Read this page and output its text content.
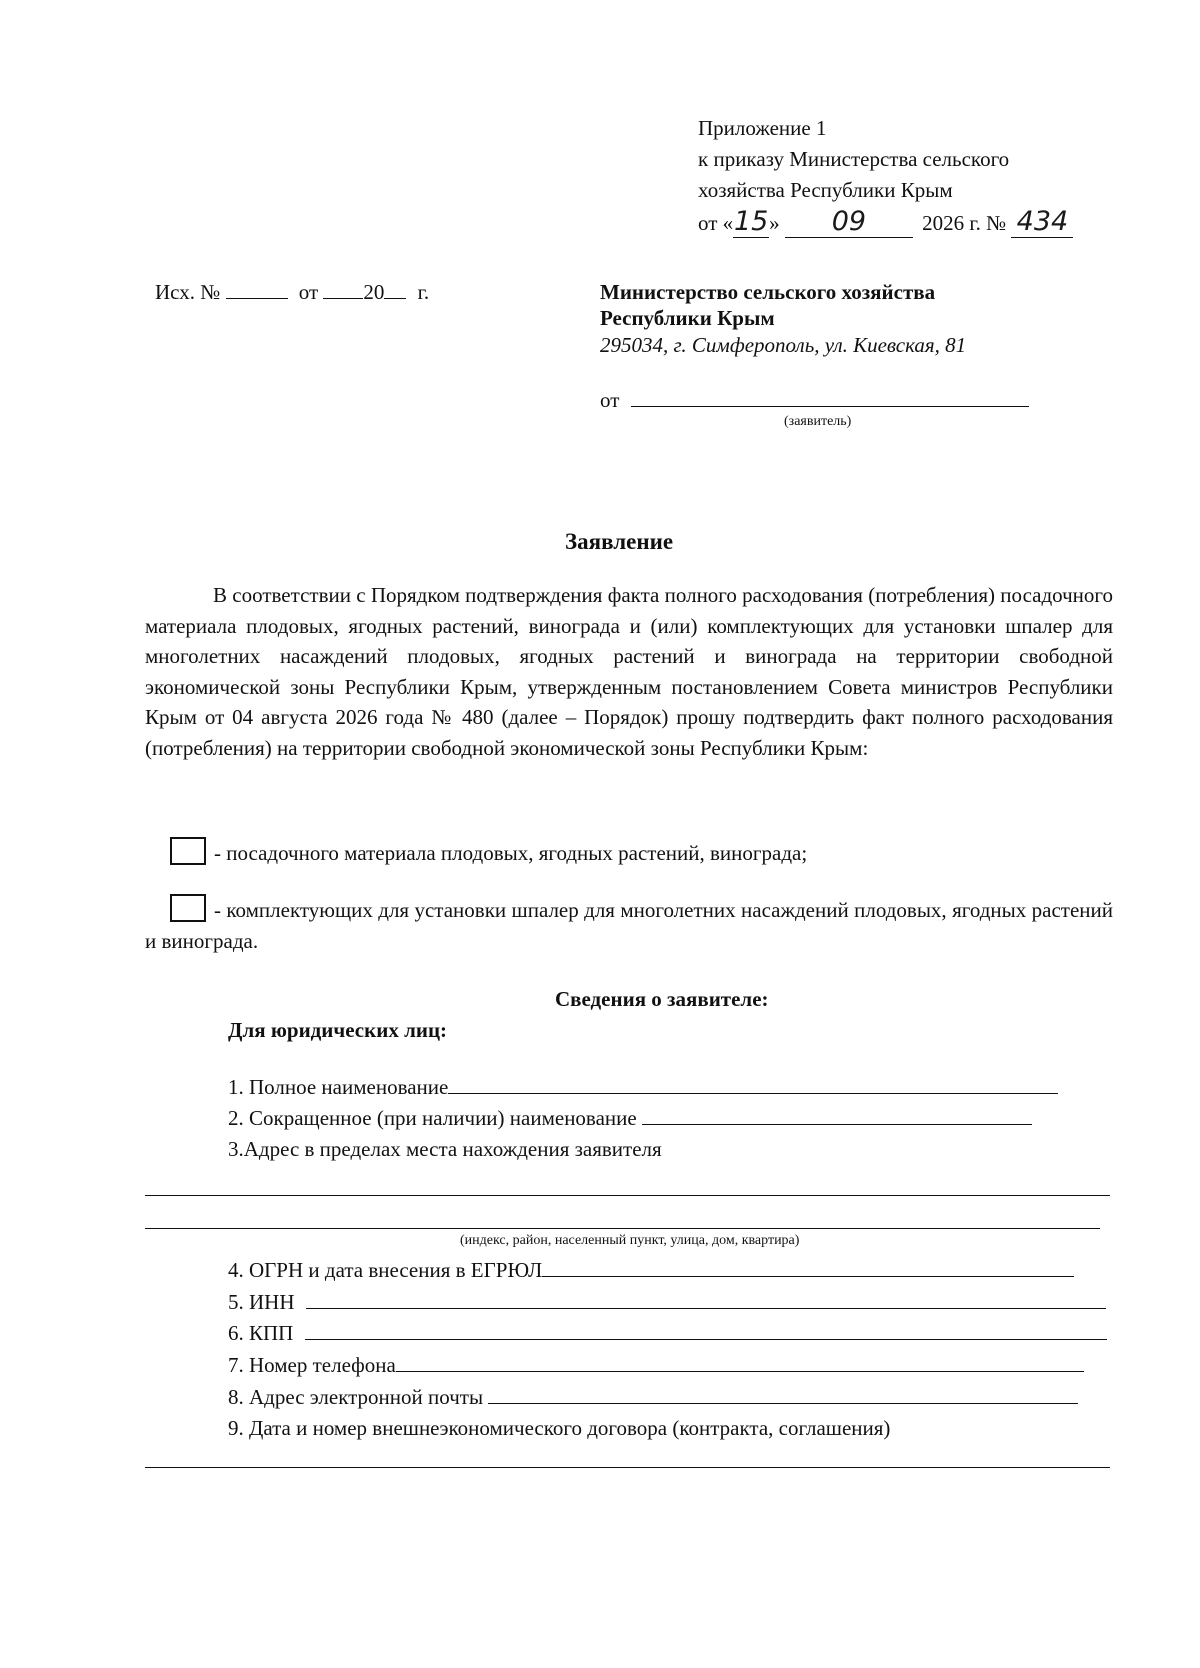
Приложение 1
к приказу Министерства сельского
хозяйства Республики Крым
от «15» 09	2026 г. № 434
Исх. №	от 20 г.	Министерство сельского хозяйства
Республики Крым
295034, г. Симферополь, ул. Киевская, 81
от
(заявитель)
Заявление
В соответствии с Порядком подтверждения факта полного расходования (потребления) посадочного материала плодовых, ягодных растений, винограда и (или) комплектующих для установки шпалер для многолетних насаждений плодовых, ягодных растений и винограда на территории свободной экономической зоны Республики Крым, утвержденным постановлением Совета министров Республики Крым от 04 августа 2026 года № 480 (далее – Порядок) прошу подтвердить факт полного расходования (потребления) на территории свободной экономической зоны Республики Крым:
- посадочного материала плодовых, ягодных растений, винограда;
- комплектующих для установки шпалер для многолетних насаждений плодовых, ягодных растений и винограда.
Сведения о заявителе:
Для юридических лиц:
1. Полное наименование
2. Сокращенное (при наличии) наименование
3.Адрес в пределах места нахождения заявителя
(индекс, район, населенный пункт, улица, дом, квартира)
4. ОГРН и дата внесения в ЕГРЮЛ
5. ИНН
6. КПП
7. Номер телефона
8. Адрес электронной почты
9. Дата и номер внешнеэкономического договора (контракта, соглашения)
